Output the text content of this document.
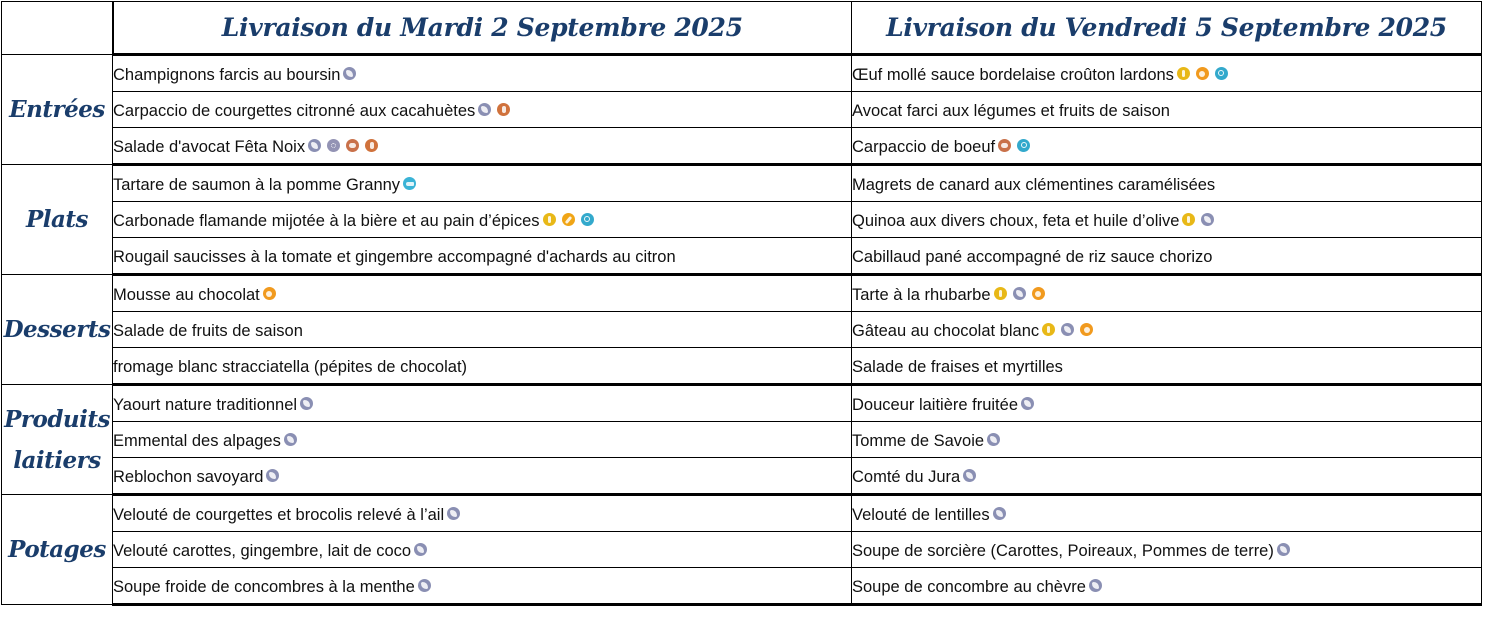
	Livraison du Mardi 2 Septembre 2025	Livraison du Vendredi 5 Septembre 2025
Entrées	Champignons farcis au boursin	Œuf mollé sauce bordelaise croûton lardons
	Carpaccio de courgettes citronné aux cacahuètes	Avocat farci aux légumes et fruits de saison
	Salade d'avocat Fêta Noix	Carpaccio de boeuf
Plats	Tartare de saumon à la pomme Granny	Magrets de canard aux clémentines caramélisées
	Carbonade flamande mijotée à la bière et au pain d’épices	Quinoa aux divers choux, feta et huile d’olive
	Rougail saucisses à la tomate et gingembre accompagné d'achards au citron	Cabillaud pané accompagné de riz sauce chorizo
Desserts	Mousse au chocolat	Tarte à la rhubarbe
	Salade de fruits de saison	Gâteau au chocolat blanc
	fromage blanc stracciatella (pépites de chocolat)	Salade de fraises et myrtilles
Produits laitiers	Yaourt nature traditionnel	Douceur laitière fruitée
	Emmental des alpages	Tomme de Savoie
	Reblochon savoyard	Comté du Jura
Potages	Velouté de courgettes et brocolis relevé à l’ail	Velouté de lentilles
	Velouté carottes, gingembre, lait de coco	Soupe de sorcière (Carottes, Poireaux, Pommes de terre)
	Soupe froide de concombres à la menthe	Soupe de concombre au chèvre
